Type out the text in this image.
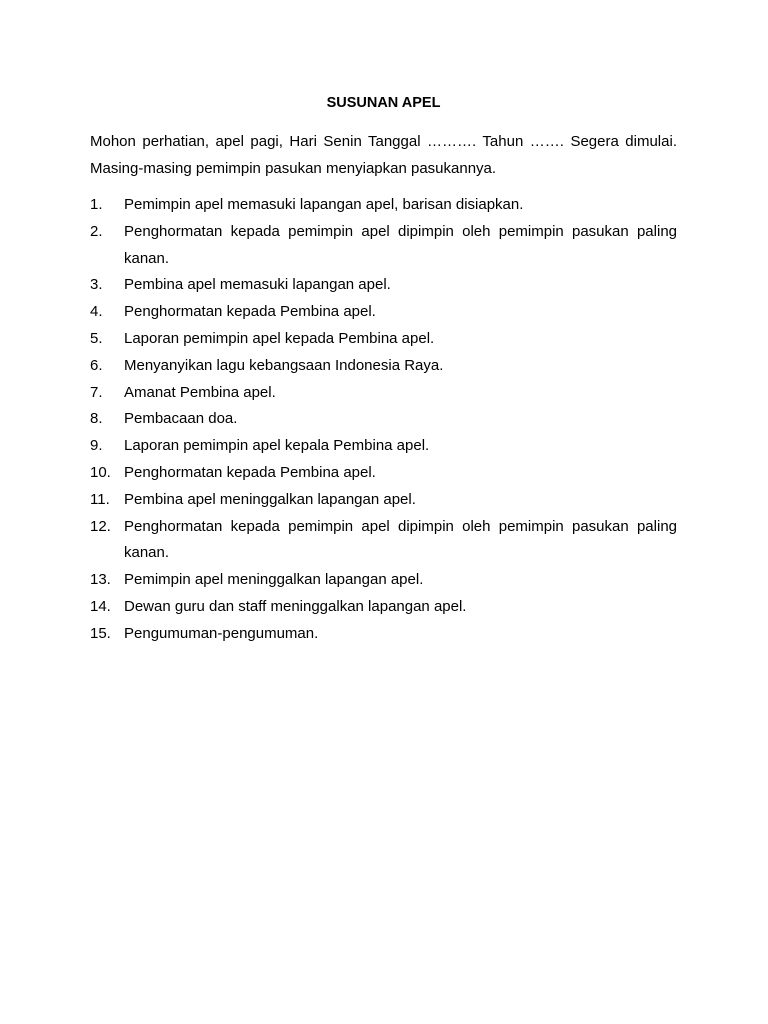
SUSUNAN APEL

Mohon perhatian, apel pagi, Hari Senin Tanggal ………. Tahun ……. Segera dimulai. Masing-masing pemimpin pasukan menyiapkan pasukannya.

1.	Pemimpin apel memasuki lapangan apel, barisan disiapkan.
2.	Penghormatan kepada pemimpin apel dipimpin oleh pemimpin pasukan paling kanan.
3.	Pembina apel memasuki lapangan apel.
4.	Penghormatan kepada Pembina apel.
5.	Laporan pemimpin apel kepada Pembina apel.
6.	Menyanyikan lagu kebangsaan Indonesia Raya.
7.	Amanat Pembina apel.
8.	Pembacaan doa.
9.	Laporan pemimpin apel kepala Pembina apel.
10. Penghormatan kepada Pembina apel.
11. Pembina apel meninggalkan lapangan apel.
12. Penghormatan kepada pemimpin apel dipimpin oleh pemimpin pasukan paling kanan.
13. Pemimpin apel meninggalkan lapangan apel.
14. Dewan guru dan staff meninggalkan lapangan apel.
15. Pengumuman-pengumuman.
